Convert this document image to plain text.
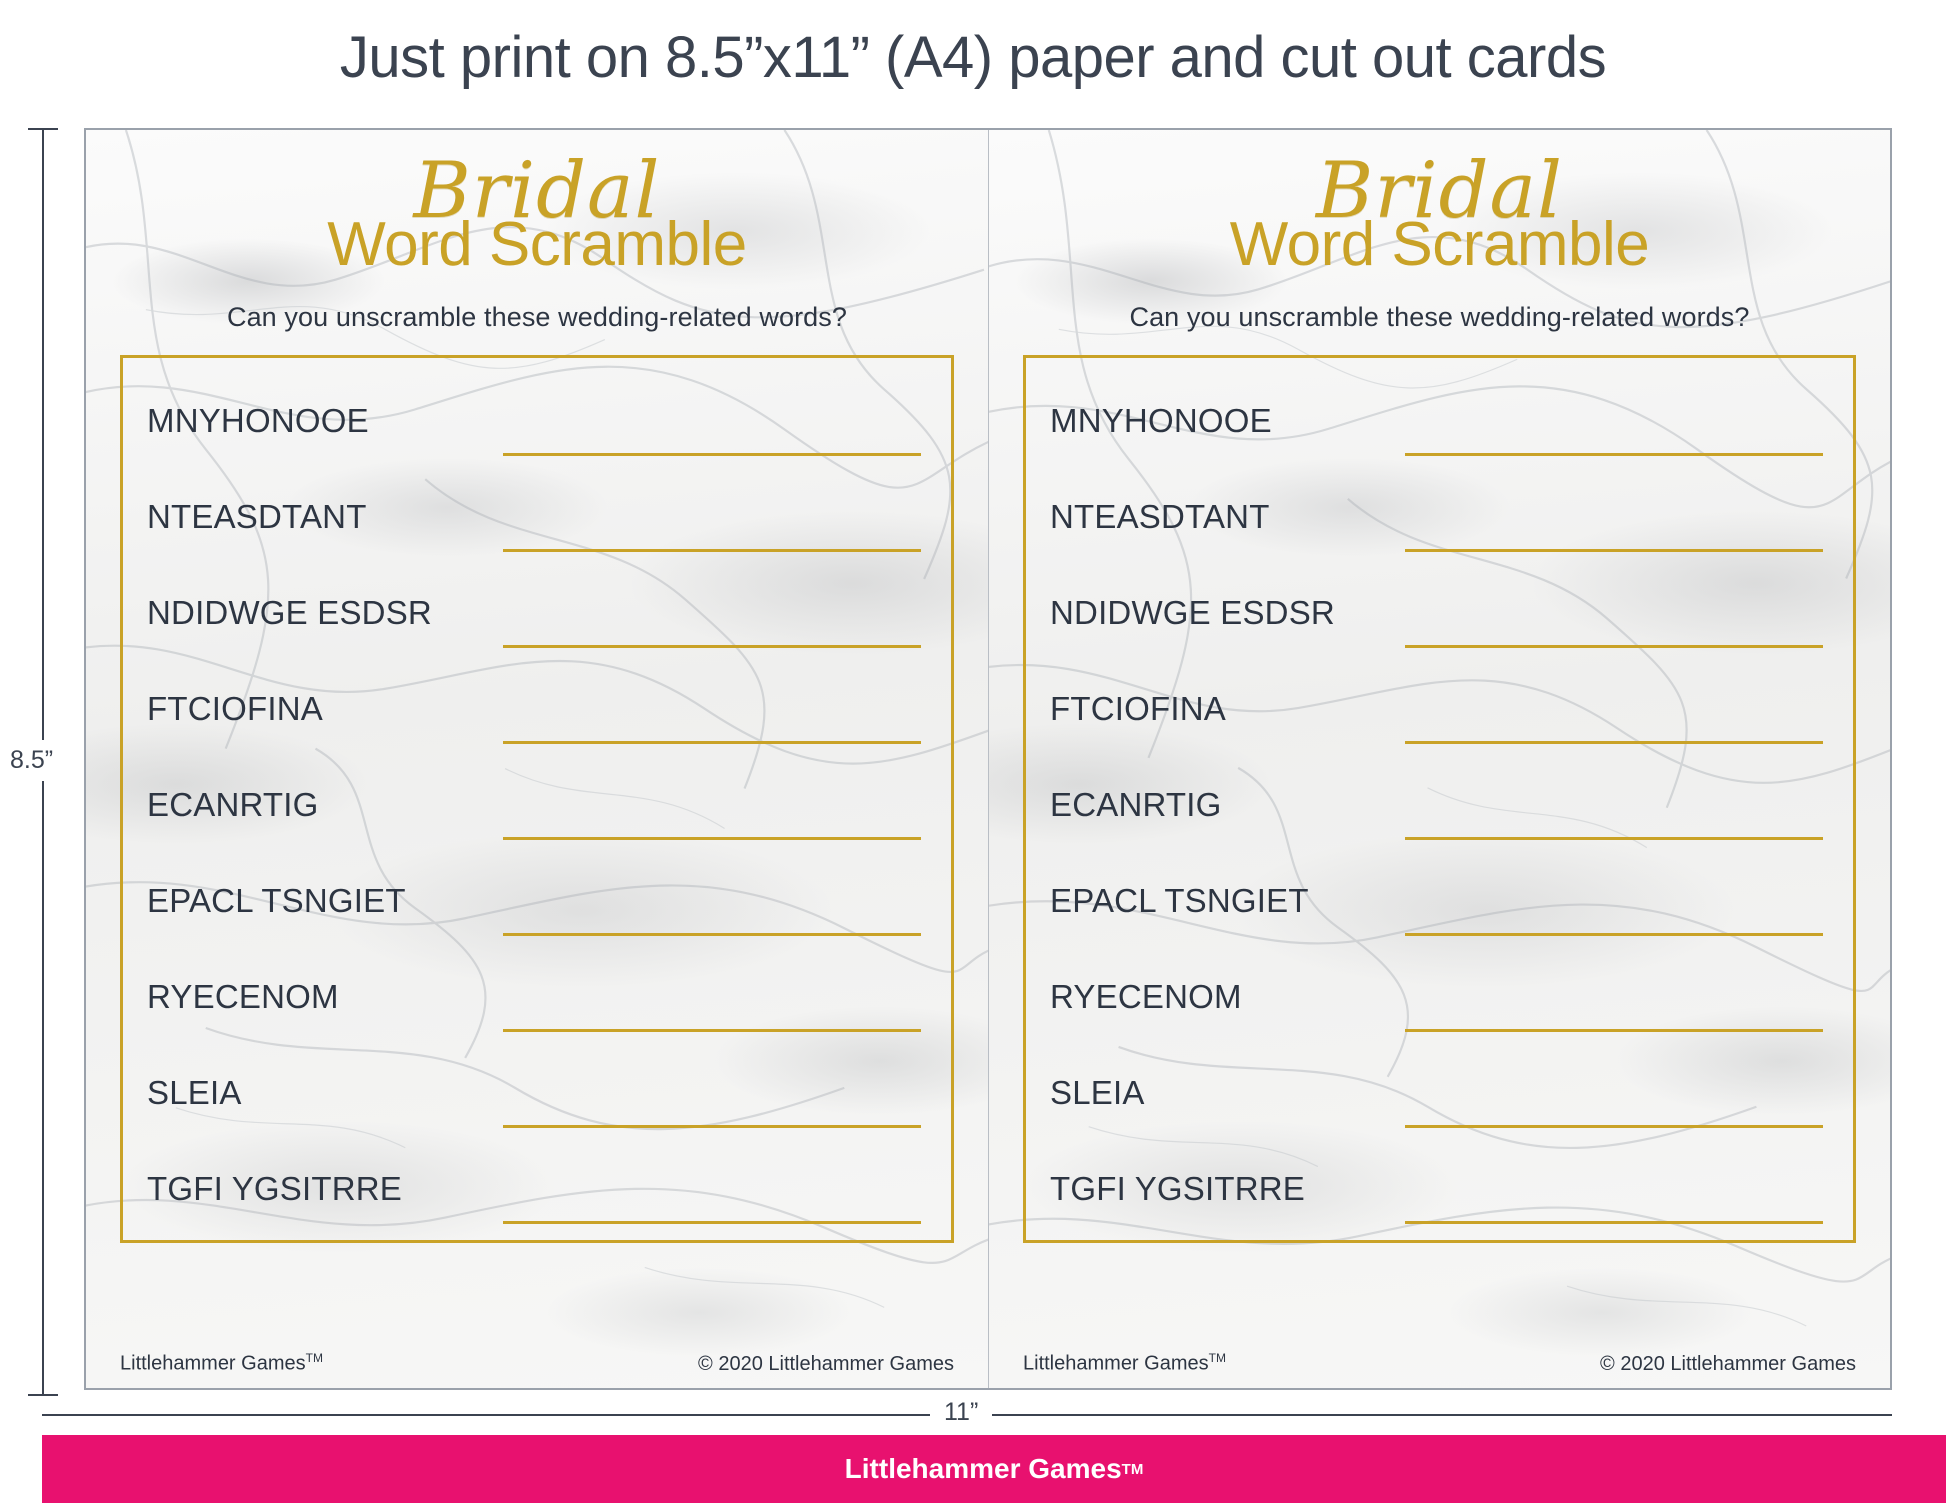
Just print on 8.5”x11” (A4) paper and cut out cards
8.5”
11”
Bridal
Word Scramble
Can you unscramble these wedding-related words?
MNYHONOOE
NTEASDTANT
NDIDWGE ESDSR
FTCIOFINA
ECANRTIG
EPACL TSNGIET
RYECENOM
SLEIA
TGFI YGSITRRE
Littlehammer Games™	© 2020 Littlehammer Games
Bridal
Word Scramble
Can you unscramble these wedding-related words?
MNYHONOOE
NTEASDTANT
NDIDWGE ESDSR
FTCIOFINA
ECANRTIG
EPACL TSNGIET
RYECENOM
SLEIA
TGFI YGSITRRE
Littlehammer Games™	© 2020 Littlehammer Games
Littlehammer Games TM
